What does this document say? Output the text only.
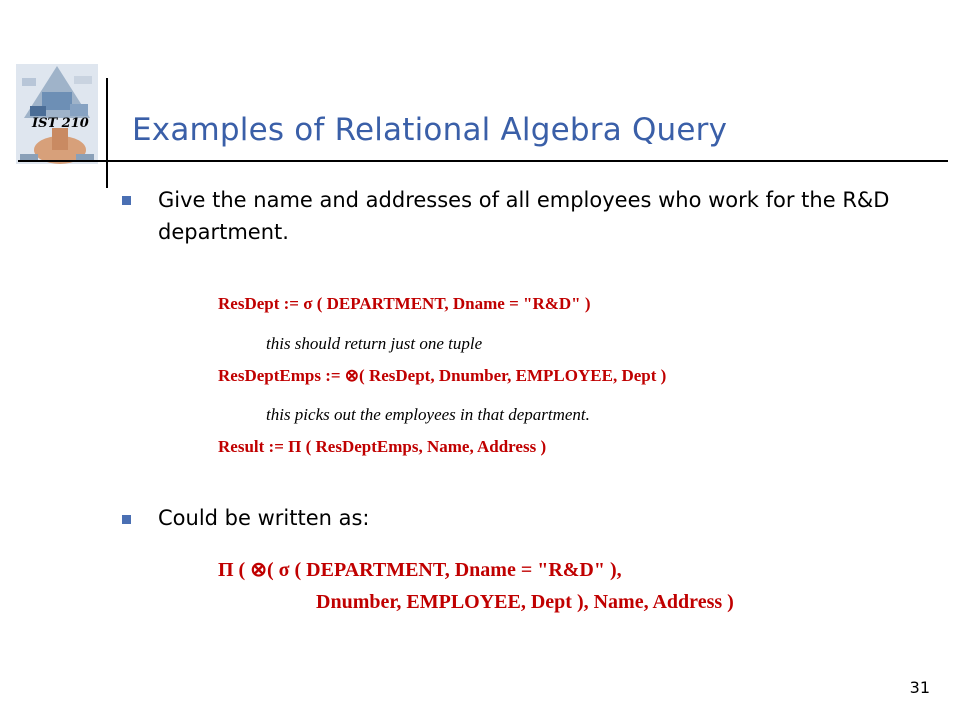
IST 210 Examples of Relational Algebra Query
Give the name and addresses of all employees who work for the R&D department.
ResDept := σ ( DEPARTMENT, Dname = "R&D" )
this should return just one tuple
ResDeptEmps := ⊗( ResDept, Dnumber, EMPLOYEE, Dept )
this picks out the employees in that department.
Result := Π ( ResDeptEmps, Name, Address )
Could be written as:
Π ( ⊗( σ ( DEPARTMENT, Dname = "R&D" ),
Dnumber, EMPLOYEE, Dept ), Name, Address )
31
